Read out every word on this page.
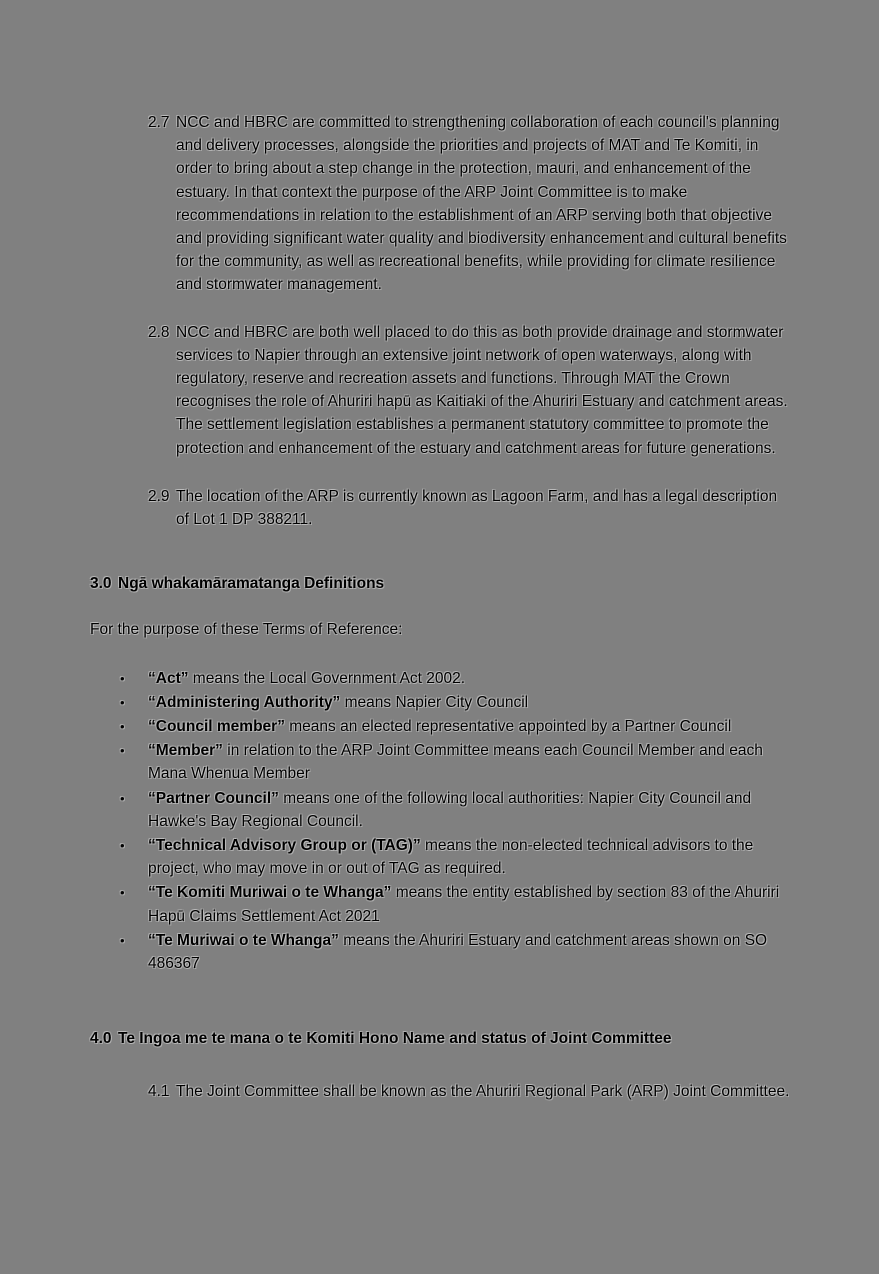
2.7 NCC and HBRC are committed to strengthening collaboration of each council's planning and delivery processes, alongside the priorities and projects of MAT and Te Komiti, in order to bring about a step change in the protection, mauri, and enhancement of the estuary. In that context the purpose of the ARP Joint Committee is to make recommendations in relation to the establishment of an ARP serving both that objective and providing significant water quality and biodiversity enhancement and cultural benefits for the community, as well as recreational benefits, while providing for climate resilience and stormwater management.
2.8 NCC and HBRC are both well placed to do this as both provide drainage and stormwater services to Napier through an extensive joint network of open waterways, along with regulatory, reserve and recreation assets and functions. Through MAT the Crown recognises the role of Ahuriri hapū as Kaitiaki of the Ahuriri Estuary and catchment areas. The settlement legislation establishes a permanent statutory committee to promote the protection and enhancement of the estuary and catchment areas for future generations.
2.9 The location of the ARP is currently known as Lagoon Farm, and has a legal description of Lot 1 DP 388211.
3.0 Ngā whakamāramatanga Definitions
For the purpose of these Terms of Reference:
•	“Act” means the Local Government Act 2002.
•	“Administering Authority” means Napier City Council
•	“Council member” means an elected representative appointed by a Partner Council
•	“Member” in relation to the ARP Joint Committee means each Council Member and each Mana Whenua Member
•	“Partner Council” means one of the following local authorities: Napier City Council and Hawke's Bay Regional Council.
•	“Technical Advisory Group or (TAG)” means the non-elected technical advisors to the project, who may move in or out of TAG as required.
•	“Te Komiti Muriwai o te Whanga” means the entity established by section 83 of the Ahuriri Hapū Claims Settlement Act 2021
•	“Te Muriwai o te Whanga” means the Ahuriri Estuary and catchment areas shown on SO 486367
4.0 Te Ingoa me te mana o te Komiti Hono Name and status of Joint Committee
4.1 The Joint Committee shall be known as the Ahuriri Regional Park (ARP) Joint Committee.
